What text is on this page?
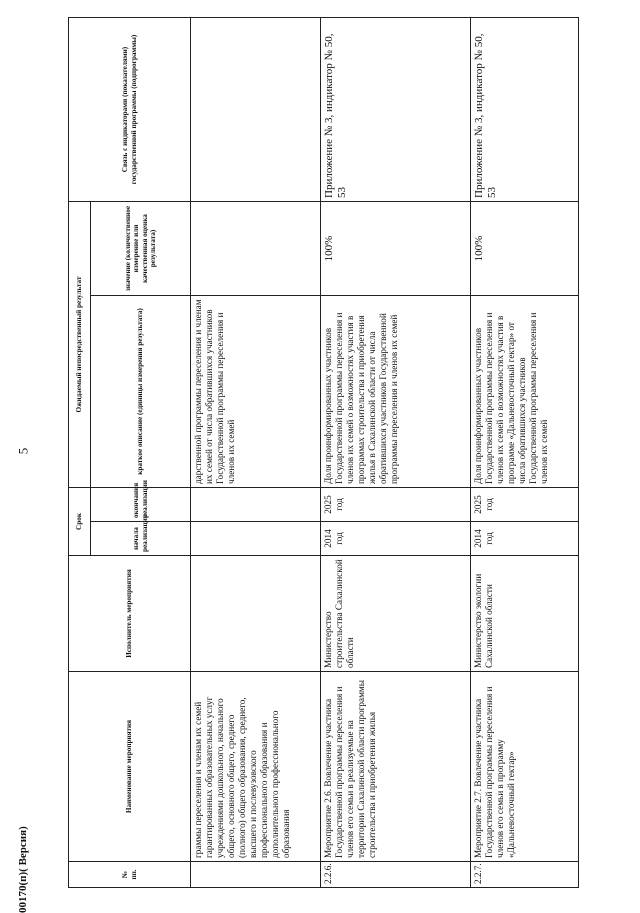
5
№ пп.	Наименование мероприятия	Исполнитель мероприятия	Срок		Ожидаемый непосредственный результат		Связь с индикаторами (показателями) государственной программы (подпрограммы)
			начала реализации	окончания реализации	краткое описание (единицы измерения результата)	значение (количественное измерение или качественная оценка результата)	
	граммы переселения и членам их семей гарантированных образовательных услуг учреждениями дошкольного, начального общего, основного общего, среднего (полного) общего образования, среднего, высшего и послевузовского профессионального образования и дополнительного профессионального образования				дарственной программы переселения и членам их семей от числа обратившихся участников Государственной программы переселения и членов их семей		
2.2.6.	Мероприятие 2.6. Вовлечение участника Государственной программы переселения и членов его семьи в реализуемые на территории Сахалинской области программы строительства и приобретения жилья	Министерство строительства Сахалинской области	2014 год	2025 год	Доля проинформированных участников Государственной программы переселения и членов их семей о возможностях участия в программах строительства и приобретения жилья в Сахалинской области от числа обратившихся участников Государственной программы переселения и членов их семей	100%	Приложение № 3, индикатор № 50, 53
2.2.7.	Мероприятие 2.7. Вовлечение участника Государственной программы переселения и членов его семьи в программу «Дальневосточный гектар»	Министерство экологии Сахалинской области	2014 год	2025 год	Доля проинформированных участников Государственной программы переселения и членов их семей о возможностях участия в программе «Дальневосточный гектар» от числа обратившихся участников Государственной программы переселения и членов их семей	100%	Приложение № 3, индикатор № 50, 53
00170(п)( Версия)
